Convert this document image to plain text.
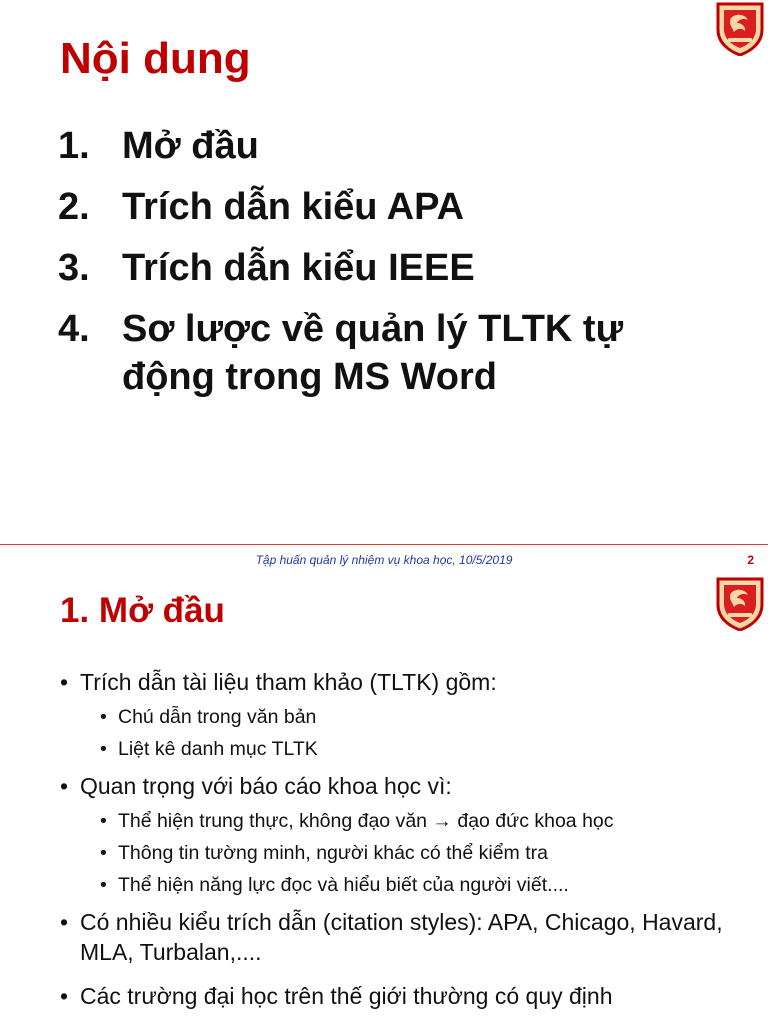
Nội dung
1. Mở đầu
2. Trích dẫn kiểu APA
3. Trích dẫn kiểu IEEE
4. Sơ lược về quản lý TLTK tự động trong MS Word
Tập huấn quản lý nhiệm vụ khoa học, 10/5/2019	2
1. Mở đầu
• Trích dẫn tài liệu tham khảo (TLTK) gồm:
• Chú dẫn trong văn bản
• Liệt kê danh mục TLTK
• Quan trọng với báo cáo khoa học vì:
• Thể hiện trung thực, không đạo văn → đạo đức khoa học
• Thông tin tường minh, người khác có thể kiểm tra
• Thể hiện năng lực đọc và hiểu biết của người viết....
• Có nhiều kiểu trích dẫn (citation styles): APA, Chicago, Havard, MLA, Turbalan,....
• Các trường đại học trên thế giới thường có quy định
